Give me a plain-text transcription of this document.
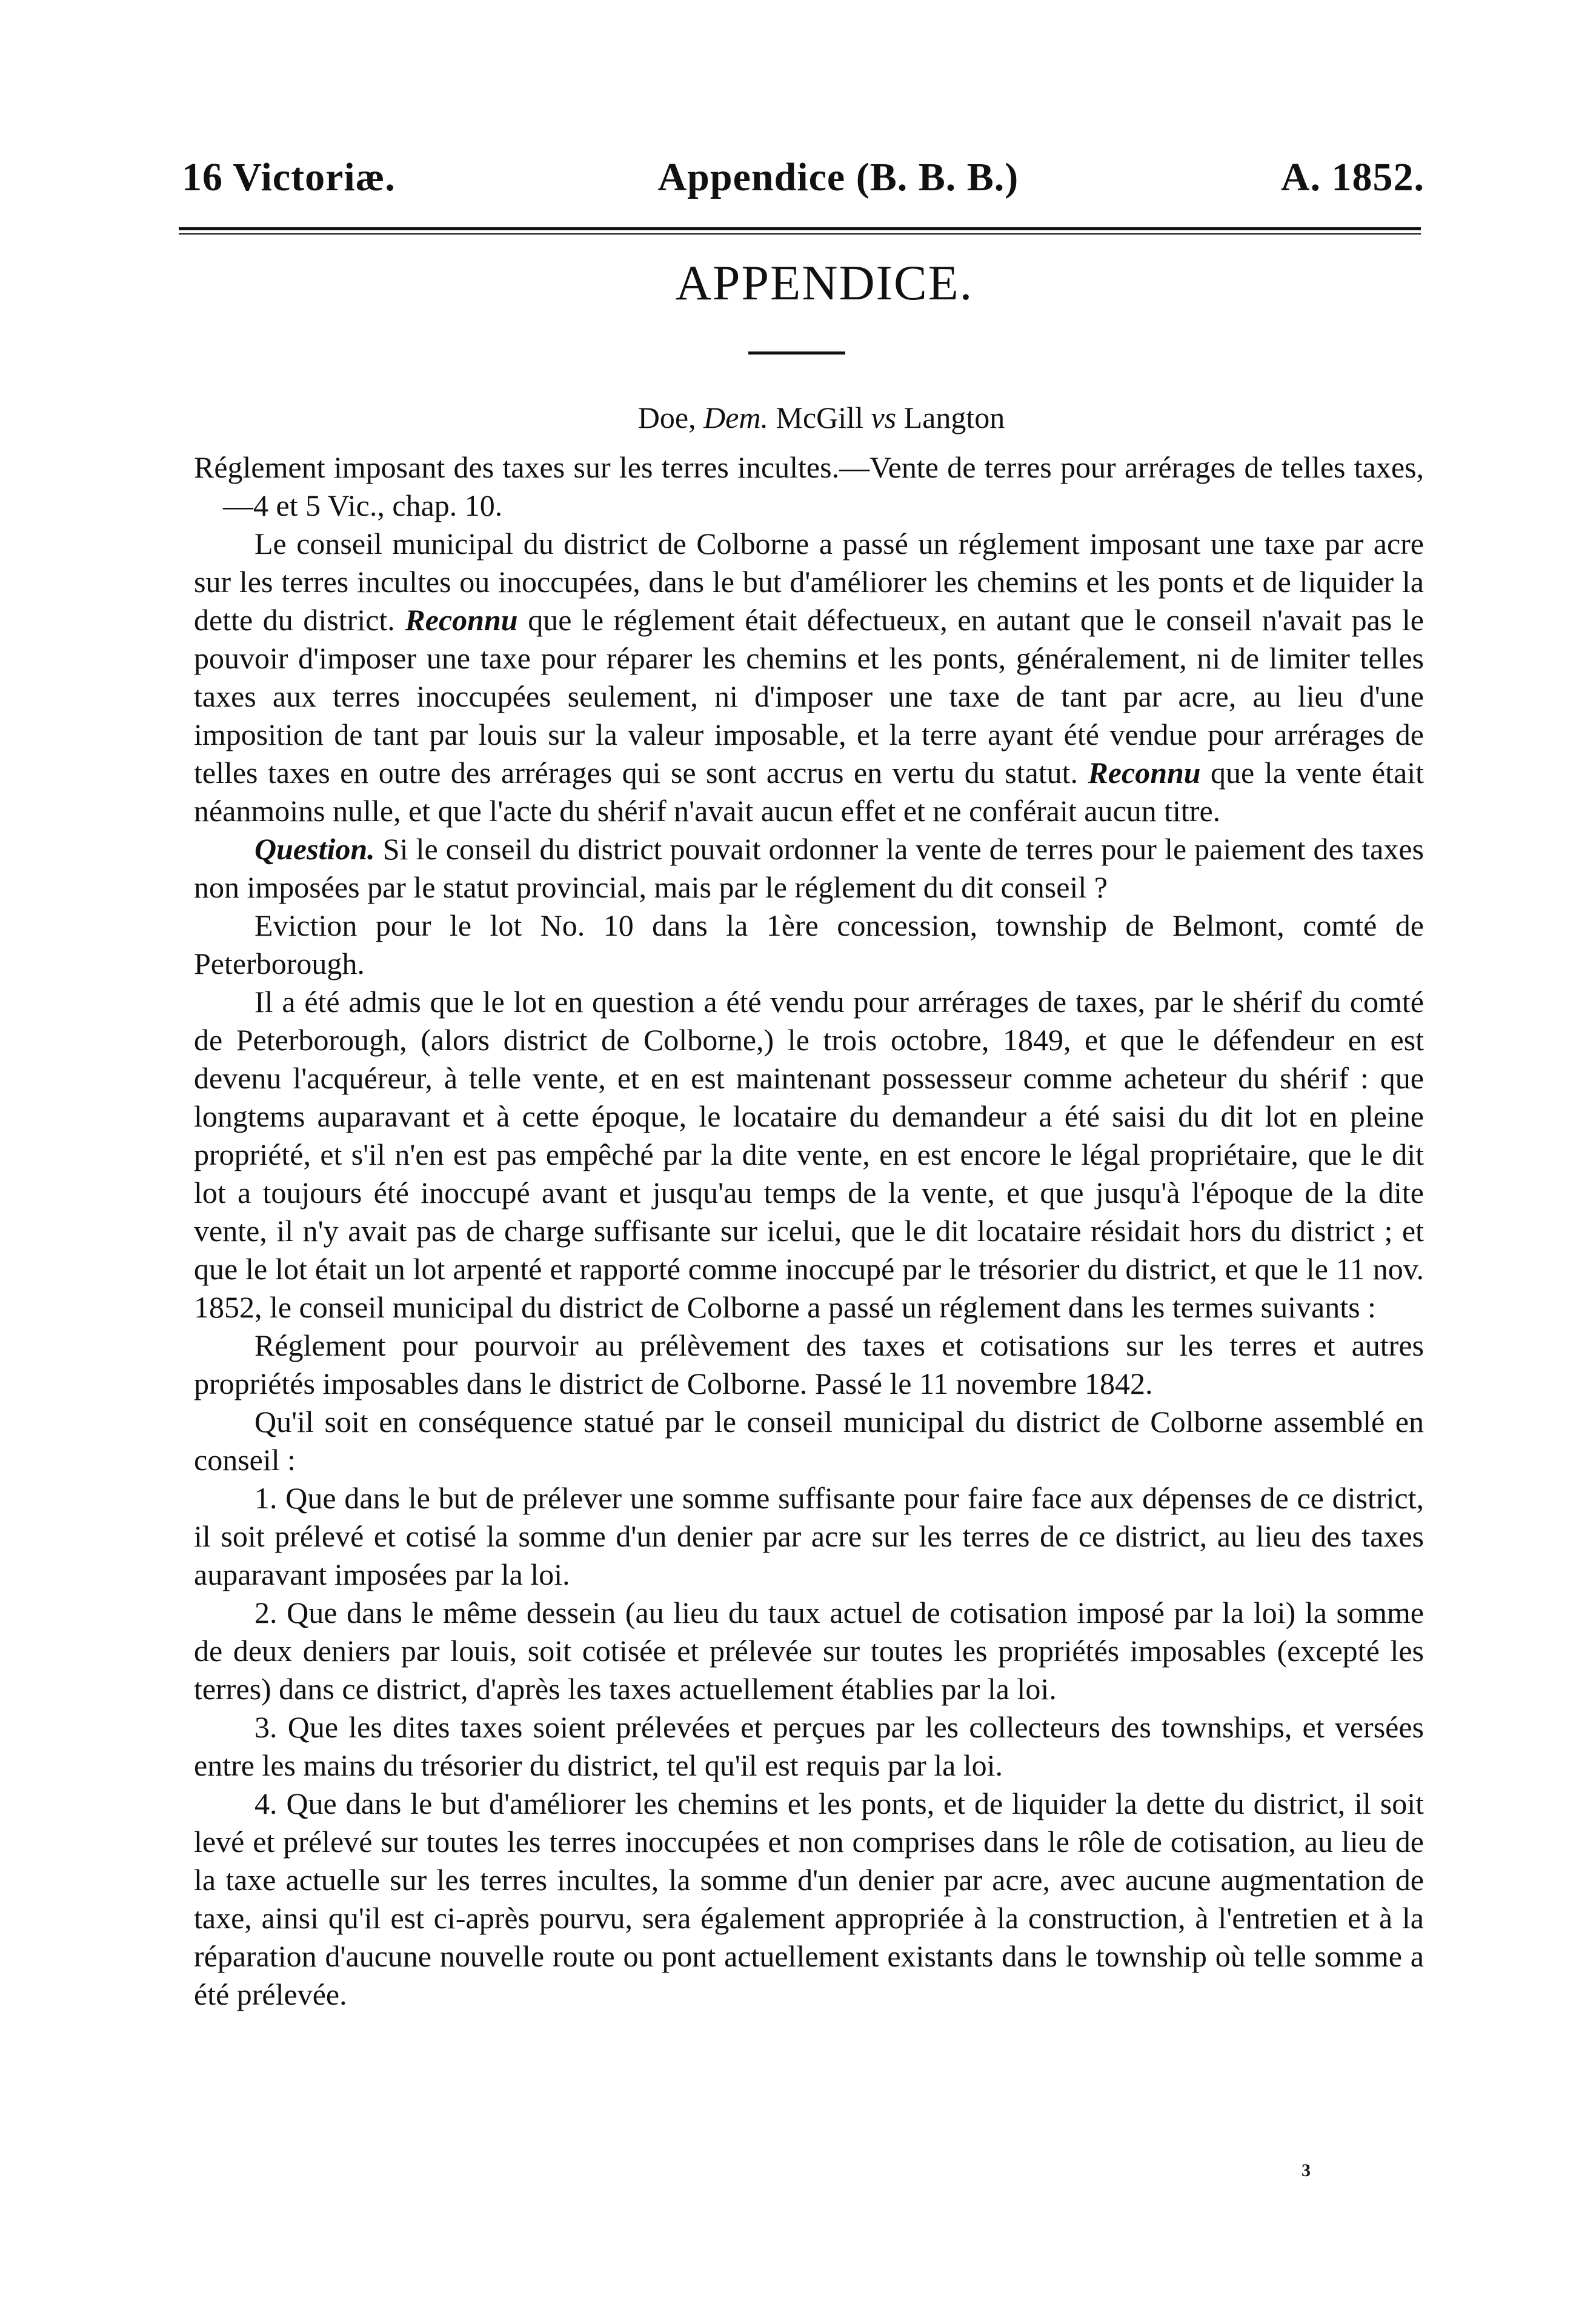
16 Victoriæ.	Appendice (B. B. B.)	A. 1852.
APPENDICE.
Doe, Dem. McGill vs Langton

Réglement imposant des taxes sur les terres incultes.—Vente de terres pour arrérages de telles taxes,—4 et 5 Vic., chap. 10.

Le conseil municipal du district de Colborne a passé un réglement imposant une taxe par acre sur les terres incultes ou inoccupées, dans le but d'améliorer les chemins et les ponts et de liquider la dette du district. Reconnu que le réglement était défectueux, en autant que le conseil n'avait pas le pouvoir d'imposer une taxe pour réparer les chemins et les ponts, généralement, ni de limiter telles taxes aux terres inoccupées seulement, ni d'imposer une taxe de tant par acre, au lieu d'une imposition de tant par louis sur la valeur imposable, et la terre ayant été vendue pour arrérages de telles taxes en outre des arrérages qui se sont accrus en vertu du statut. Reconnu que la vente était néanmoins nulle, et que l'acte du shérif n'avait aucun effet et ne conférait aucun titre.

Question. Si le conseil du district pouvait ordonner la vente de terres pour le paiement des taxes non imposées par le statut provincial, mais par le réglement du dit conseil ?

Eviction pour le lot No. 10 dans la 1ère concession, township de Belmont, comté de Peterborough.

Il a été admis que le lot en question a été vendu pour arrérages de taxes, par le shérif du comté de Peterborough, (alors district de Colborne,) le trois octobre, 1849, et que le défendeur en est devenu l'acquéreur, à telle vente, et en est maintenant possesseur comme acheteur du shérif : que longtems auparavant et à cette époque, le locataire du demandeur a été saisi du dit lot en pleine propriété, et s'il n'en est pas empêché par la dite vente, en est encore le légal propriétaire, que le dit lot a toujours été inoccupé avant et jusqu'au temps de la vente, et que jusqu'à l'époque de la dite vente, il n'y avait pas de charge suffisante sur icelui, que le dit locataire résidait hors du district ; et que le lot était un lot arpenté et rapporté comme inoccupé par le trésorier du district, et que le 11 nov. 1852, le conseil municipal du district de Colborne a passé un réglement dans les termes suivants :

Réglement pour pourvoir au prélèvement des taxes et cotisations sur les terres et autres propriétés imposables dans le district de Colborne. Passé le 11 novembre 1842.

Qu'il soit en conséquence statué par le conseil municipal du district de Colborne assemblé en conseil :

1. Que dans le but de prélever une somme suffisante pour faire face aux dépenses de ce district, il soit prélevé et cotisé la somme d'un denier par acre sur les terres de ce district, au lieu des taxes auparavant imposées par la loi.

2. Que dans le même dessein (au lieu du taux actuel de cotisation imposé par la loi) la somme de deux deniers par louis, soit cotisée et prélevée sur toutes les propriétés imposables (excepté les terres) dans ce district, d'après les taxes actuellement établies par la loi.

3. Que les dites taxes soient prélevées et perçues par les collecteurs des townships, et versées entre les mains du trésorier du district, tel qu'il est requis par la loi.

4. Que dans le but d'améliorer les chemins et les ponts, et de liquider la dette du district, il soit levé et prélevé sur toutes les terres inoccupées et non comprises dans le rôle de cotisation, au lieu de la taxe actuelle sur les terres incultes, la somme d'un denier par acre, avec aucune augmentation de taxe, ainsi qu'il est ci-après pourvu, sera également appropriée à la construction, à l'entretien et à la réparation d'aucune nouvelle route ou pont actuellement existants dans le township où telle somme a été prélevée.

3
